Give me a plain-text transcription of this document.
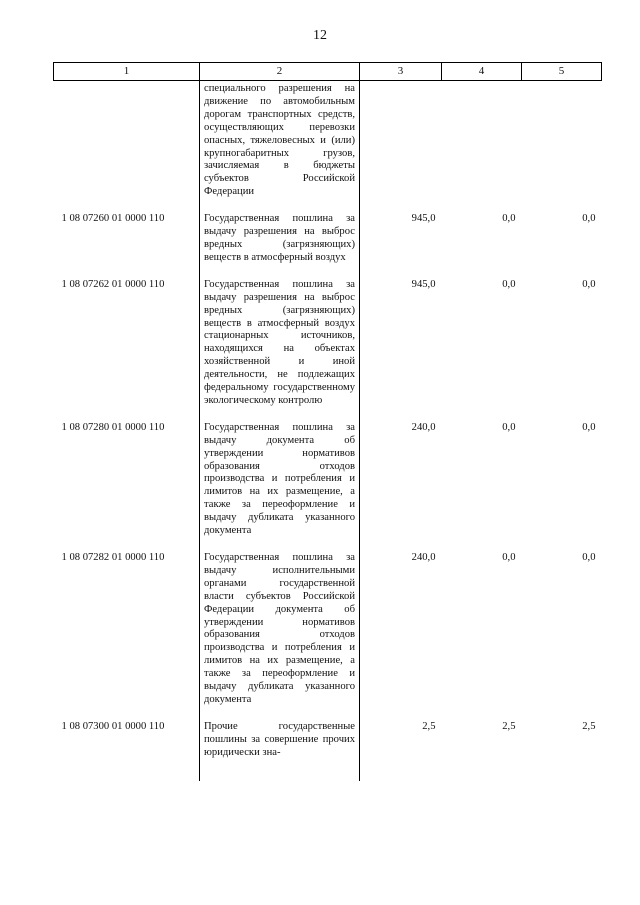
12
1	2	3	4	5
	специального разрешения на движение по автомобильным дорогам транспортных средств, осуществляющих перевозки опасных, тяжеловесных и (или) крупногабаритных грузов, зачисляемая в бюджеты субъектов Российской Федерации			
1 08 07260 01 0000 110	Государственная пошлина за выдачу разрешения на выброс вредных (загрязняющих) веществ в атмосферный воздух	945,0	0,0	0,0
1 08 07262 01 0000 110	Государственная пошлина за выдачу разрешения на выброс вредных (загрязняющих) веществ в атмосферный воздух стационарных источников, находящихся на объектах хозяйственной и иной деятельности, не подлежащих федеральному государственному экологическому контролю	945,0	0,0	0,0
1 08 07280 01 0000 110	Государственная пошлина за выдачу документа об утверждении нормативов образования отходов производства и потребления и лимитов на их размещение, а также за переоформление и выдачу дубликата указанного документа	240,0	0,0	0,0
1 08 07282 01 0000 110	Государственная пошлина за выдачу исполнительными органами государственной власти субъектов Российской Федерации документа об утверждении нормативов образования отходов производства и потребления и лимитов на их размещение, а также за переоформление и выдачу дубликата указанного документа	240,0	0,0	0,0
1 08 07300 01 0000 110	Прочие государственные пошлины за совершение прочих юридически зна-	2,5	2,5	2,5
